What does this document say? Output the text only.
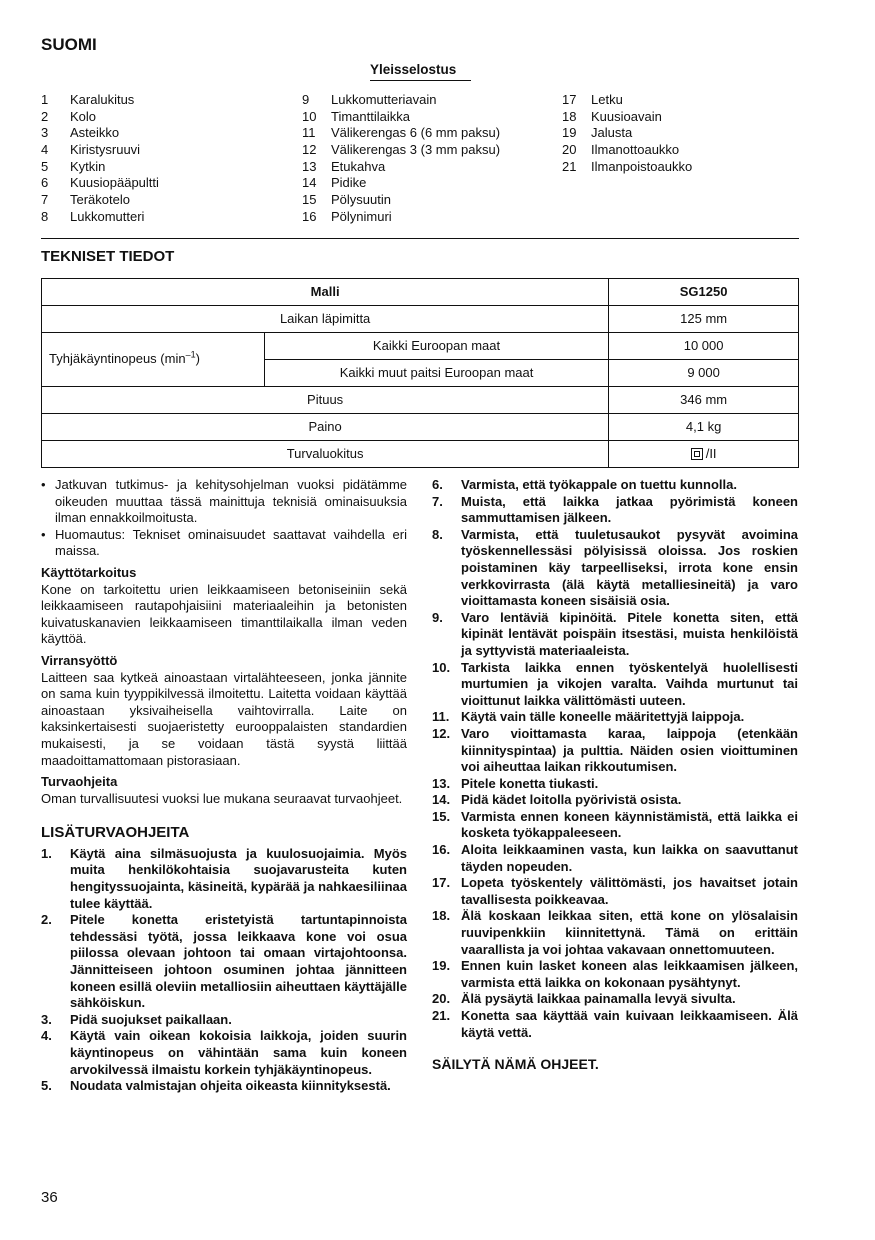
SUOMI
Yleisselostus
1 Karalukitus
2 Kolo
3 Asteikko
4 Kiristysruuvi
5 Kytkin
6 Kuusiopääpultti
7 Teräkotelo
8 Lukkomutteri
9 Lukkomutteriavain
10 Timanttilaikka
11 Välikerengas 6 (6 mm paksu)
12 Välikerengas 3 (3 mm paksu)
13 Etukahva
14 Pidike
15 Pölysuutin
16 Pölynimuri
17 Letku
18 Kuusioavain
19 Jalusta
20 Ilmanottoaukko
21 Ilmanpoistoaukko
TEKNISET TIEDOT
Malli		SG1250
Laikan läpimitta		125 mm
Tyhjäkäyntinopeus $(\min^{-1})$	Kaikki Euroopan maat	10 000
	Kaikki muut paitsi Euroopan maat	9 000
Pituus		346 mm
Paino		4,1 kg
Turvaluokitus		/II
• Jatkuvan tutkimus- ja kehitysohjelman vuoksi pidätämme oikeuden muuttaa tässä mainittuja teknisiä ominaisuuksia ilman ennakkoilmoitusta.
• Huomautus: Tekniset ominaisuudet saattavat vaihdella eri maissa.
Käyttötarkoitus
Kone on tarkoitettu urien leikkaamiseen betoniseiniin sekä leikkaamiseen rautapohjaisiini materiaaleihin ja betonisten kuivatuskanavien leikkaamiseen timanttilaikalla ilman veden käyttöä.
Virransyöttö
Laitteen saa kytkeä ainoastaan virtalähteeseen, jonka jännite on sama kuin tyyppikilvessä ilmoitettu. Laitetta voidaan käyttää ainoastaan yksivaiheisella vaihtovirralla. Laite on kaksinkertaisesti suojaeristetty eurooppalaisten standardien mukaisesti, ja se voidaan tästä syystä liittää maadoittamattomaan pistorasiaan.
Turvaohjeita
Oman turvallisuutesi vuoksi lue mukana seuraavat turvaohjeet.
LISÄTURVAOHJEITA
1. Käytä aina silmäsuojusta ja kuulosuojaimia. Myös muita henkilökohtaisia suojavarusteita kuten hengityssuojainta, käsineitä, kypärää ja nahkaesiliinaa tulee käyttää.
2. Pitele konetta eristetyistä tartuntapinnoista tehdessäsi työtä, jossa leikkaava kone voi osua piilossa olevaan johtoon tai omaan virtajohtoonsa. Jännitteiseen johtoon osuminen johtaa jännitteen koneen esillä oleviin metalliosiin aiheuttaen käyttäjälle sähköiskun.
3. Pidä suojukset paikallaan.
4. Käytä vain oikean kokoisia laikkoja, joiden suurin käyntinopeus on vähintään sama kuin koneen arvokilvessä ilmaistu korkein tyhjäkäyntinopeus.
5. Noudata valmistajan ohjeita oikeasta kiinnityksestä.
6. Varmista, että työkappale on tuettu kunnolla.
7. Muista, että laikka jatkaa pyörimistä koneen sammuttamisen jälkeen.
8. Varmista, että tuuletusaukot pysyvät avoimina työskennellessäsi pölyisissä oloissa. Jos roskien poistaminen käy tarpeelliseksi, irrota kone ensin verkkovirrasta (älä käytä metalliesineitä) ja varo vioittamasta koneen sisäisiä osia.
9. Varo lentäviä kipinöitä. Pitele konetta siten, että kipinät lentävät poispäin itsestäsi, muista henkilöistä ja syttyvistä materiaaleista.
10. Tarkista laikka ennen työskentelyä huolellisesti murtumien ja vikojen varalta. Vaihda murtunut tai vioittunut laikka välittömästi uuteen.
11. Käytä vain tälle koneelle määritettyjä laippoja.
12. Varo vioittamasta karaa, laippoja (etenkään kiinnityspintaa) ja pulttia. Näiden osien vioittuminen voi aiheuttaa laikan rikkoutumisen.
13. Pitele konetta tiukasti.
14. Pidä kädet loitolla pyörivistä osista.
15. Varmista ennen koneen käynnistämistä, että laikka ei kosketa työkappaleeseen.
16. Aloita leikkaaminen vasta, kun laikka on saavuttanut täyden nopeuden.
17. Lopeta työskentely välittömästi, jos havaitset jotain tavallisesta poikkeavaa.
18. Älä koskaan leikkaa siten, että kone on ylösalaisin ruuvipenkkiin kiinnitettynä. Tämä on erittäin vaarallista ja voi johtaa vakavaan onnettomuuteen.
19. Ennen kuin lasket koneen alas leikkaamisen jälkeen, varmista että laikka on kokonaan pysähtynyt.
20. Älä pysäytä laikkaa painamalla levyä sivulta.
21. Konetta saa käyttää vain kuivaan leikkaamiseen. Älä käytä vettä.
SÄILYTÄ NÄMÄ OHJEET.
36
